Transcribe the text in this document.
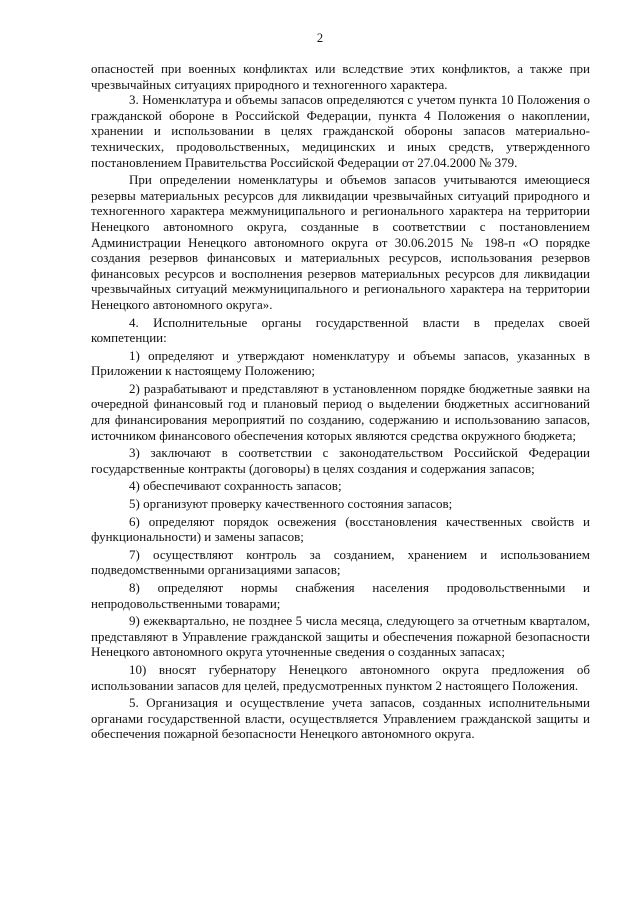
2

опасностей при военных конфликтах или вследствие этих конфликтов, а также при чрезвычайных ситуациях природного и техногенного характера.

3. Номенклатура и объемы запасов определяются с учетом пункта 10 Положения о гражданской обороне в Российской Федерации, пункта 4 Положения о накоплении, хранении и использовании в целях гражданской обороны запасов материально-технических, продовольственных, медицинских и иных средств, утвержденного постановлением Правительства Российской Федерации от 27.04.2000 № 379.

При определении номенклатуры и объемов запасов учитываются имеющиеся резервы материальных ресурсов для ликвидации чрезвычайных ситуаций природного и техногенного характера межмуниципального и регионального характера на территории Ненецкого автономного округа, созданные в соответствии с постановлением Администрации Ненецкого автономного округа от 30.06.2015 № 198-п «О порядке создания резервов финансовых и материальных ресурсов, использования резервов финансовых ресурсов и восполнения резервов материальных ресурсов для ликвидации чрезвычайных ситуаций межмуниципального и регионального характера на территории Ненецкого автономного округа».

4. Исполнительные органы государственной власти в пределах своей компетенции:

1) определяют и утверждают номенклатуру и объемы запасов, указанных в Приложении к настоящему Положению;

2) разрабатывают и представляют в установленном порядке бюджетные заявки на очередной финансовый год и плановый период о выделении бюджетных ассигнований для финансирования мероприятий по созданию, содержанию и использованию запасов, источником финансового обеспечения которых являются средства окружного бюджета;

3) заключают в соответствии с законодательством Российской Федерации государственные контракты (договоры) в целях создания и содержания запасов;

4) обеспечивают сохранность запасов;

5) организуют проверку качественного состояния запасов;

6) определяют порядок освежения (восстановления качественных свойств и функциональности) и замены запасов;

7) осуществляют контроль за созданием, хранением и использованием подведомственными организациями запасов;

8) определяют нормы снабжения населения продовольственными и непродовольственными товарами;

9) ежеквартально, не позднее 5 числа месяца, следующего за отчетным кварталом, представляют в Управление гражданской защиты и обеспечения пожарной безопасности Ненецкого автономного округа уточненные сведения о созданных запасах;

10) вносят губернатору Ненецкого автономного округа предложения об использовании запасов для целей, предусмотренных пунктом 2 настоящего Положения.

5. Организация и осуществление учета запасов, созданных исполнительными органами государственной власти, осуществляется Управлением гражданской защиты и обеспечения пожарной безопасности Ненецкого автономного округа.
